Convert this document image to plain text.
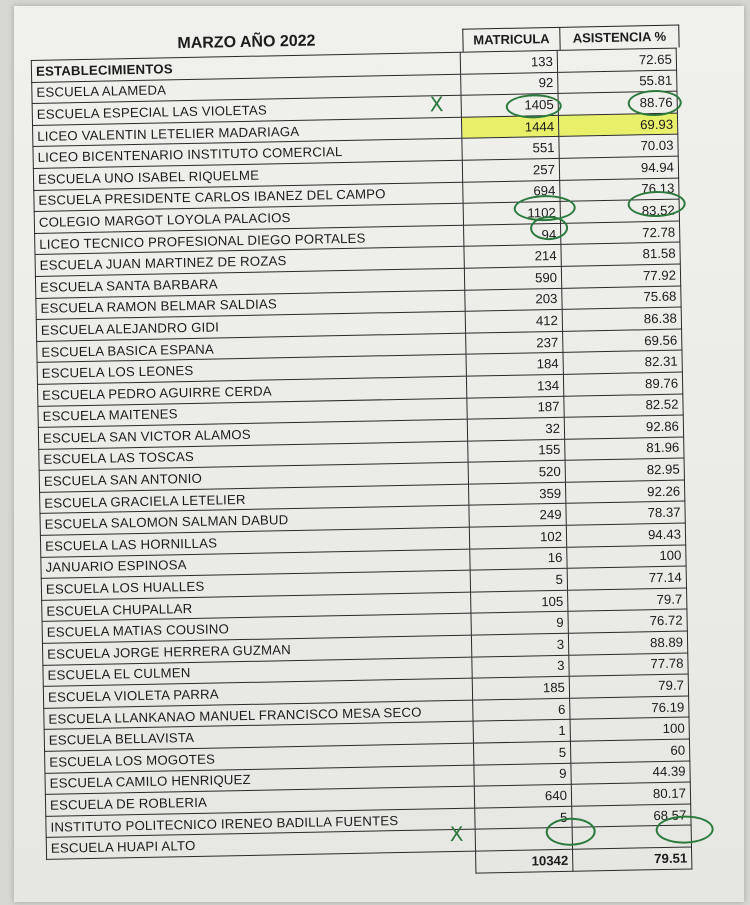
MARZO AÑO 2022	MATRICULA	ASISTENCIA %
ESTABLECIMIENTOS	133	72.65
ESCUELA ALAMEDA	92	55.81
ESCUELA ESPECIAL LAS VIOLETAS	1405	88.76
LICEO VALENTIN LETELIER MADARIAGA	1444	69.93
LICEO BICENTENARIO INSTITUTO COMERCIAL	551	70.03
ESCUELA UNO ISABEL RIQUELME	257	94.94
ESCUELA PRESIDENTE CARLOS IBANEZ DEL CAMPO	694	76.13
COLEGIO MARGOT LOYOLA PALACIOS	1102	83.52
LICEO TECNICO PROFESIONAL DIEGO PORTALES	94	72.78
ESCUELA JUAN MARTINEZ DE ROZAS	214	81.58
ESCUELA SANTA BARBARA	590	77.92
ESCUELA RAMON BELMAR SALDIAS	203	75.68
ESCUELA ALEJANDRO GIDI	412	86.38
ESCUELA BASICA ESPANA	237	69.56
ESCUELA LOS LEONES	184	82.31
ESCUELA PEDRO AGUIRRE CERDA	134	89.76
ESCUELA MAITENES	187	82.52
ESCUELA SAN VICTOR ALAMOS	32	92.86
ESCUELA LAS TOSCAS	155	81.96
ESCUELA SAN ANTONIO	520	82.95
ESCUELA GRACIELA LETELIER	359	92.26
ESCUELA SALOMON SALMAN DABUD	249	78.37
ESCUELA LAS HORNILLAS	102	94.43
JANUARIO ESPINOSA	16	100
ESCUELA LOS HUALLES	5	77.14
ESCUELA CHUPALLAR	105	79.7
ESCUELA MATIAS COUSINO	9	76.72
ESCUELA JORGE HERRERA GUZMAN	3	88.89
ESCUELA EL CULMEN	3	77.78
ESCUELA VIOLETA PARRA	185	79.7
ESCUELA LLANKANAO MANUEL FRANCISCO MESA SECO	6	76.19
ESCUELA BELLAVISTA	1	100
ESCUELA LOS MOGOTES	5	60
ESCUELA CAMILO HENRIQUEZ	9	44.39
ESCUELA DE ROBLERIA	640	80.17
INSTITUTO POLITECNICO IRENEO BADILLA FUENTES	5	68.57
ESCUELA HUAPI ALTO		
	10342	79.51
X
X
